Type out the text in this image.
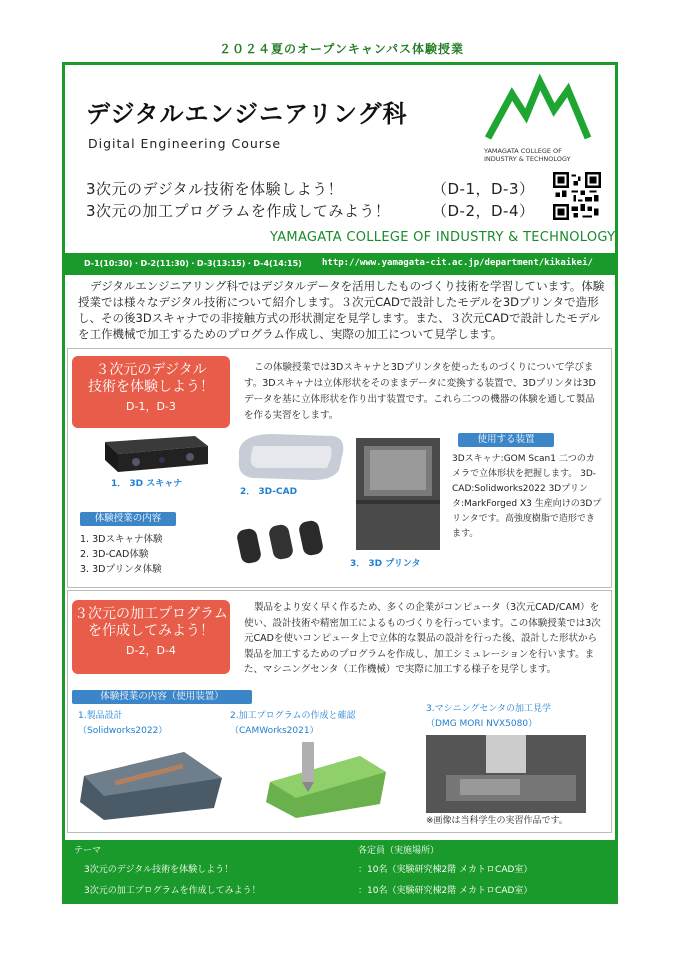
２０２４夏のオープンキャンパス体験授業
デジタルエンジニアリング科
Digital Engineering Course	YAMAGATA COLLEGE OF
INDUSTRY & TECHNOLOGY
3次元のデジタル技術を体験しよう！	（D-1，D-3）
3次元の加工プログラムを作成してみよう！	（D-2，D-4）
YAMAGATA COLLEGE OF INDUSTRY & TECHNOLOGY
D-1(10:30)・D-2(11:30)・D-3(13:15)・D-4(14:15) http://www.yamagata-cit.ac.jp/department/kikaikei/
デジタルエンジニアリング科ではデジタルデータを活用したものづくり技術を学習しています。体験授業では様々なデジタル技術について紹介します。３次元CADで設計したモデルを3Dプリンタで造形し、その後3Dスキャナでの非接触方式の形状測定を見学します。また、３次元CADで設計したモデルを工作機械で加工するためのプログラム作成し、実際の加工について見学します。
３次元のデジタル
技術を体験しよう！
D-1，D-3
この体験授業では3Dスキャナと3Dプリンタを使ったものづくりについて学びます。3Dスキャナは立体形状をそのままデータに変換する装置で、3Dプリンタは3Dデータを基に立体形状を作り出す装置です。これら二つの機器の体験を通して製品を作る実習をします。
1． 3D スキャナ
2． 3D-CAD
3． 3D プリンタ
体験授業の内容
1. 3Dスキャナ体験
2. 3D-CAD体験
3. 3Dプリンタ体験
使用する装置
3Dスキャナ:GOM Scan1 二つのカメラで立体形状を把握します。 3D-CAD:Solidworks2022 3Dプリンタ:MarkForged X3 生産向けの3Dプリンタです。高強度樹脂で造形できます。
３次元の加工プログラム
を作成してみよう！
D-2，D-4
製品をより安く早く作るため、多くの企業がコンピュータ（3次元CAD/CAM）を使い、設計技術や精密加工によるものづくりを行っています。この体験授業では3次元CADを使いコンピュータ上で立体的な製品の設計を行った後、設計した形状から製品を加工するためのプログラムを作成し、加工シミュレーションを行います。また、マシニングセンタ（工作機械）で実際に加工する様子を見学します。
体験授業の内容（使用装置）
1.製品設計
（Solidworks2022）
2.加工プログラムの作成と確認
（CAMWorks2021）
3.マシニングセンタの加工見学
（DMG MORI NVX5080）
※画像は当科学生の実習作品です。
テーマ	各定員（実施場所）
3次元のデジタル技術を体験しよう！	：10名（実験研究棟2階 メカトロCAD室）
3次元の加工プログラムを作成してみよう！	：10名（実験研究棟2階 メカトロCAD室）
